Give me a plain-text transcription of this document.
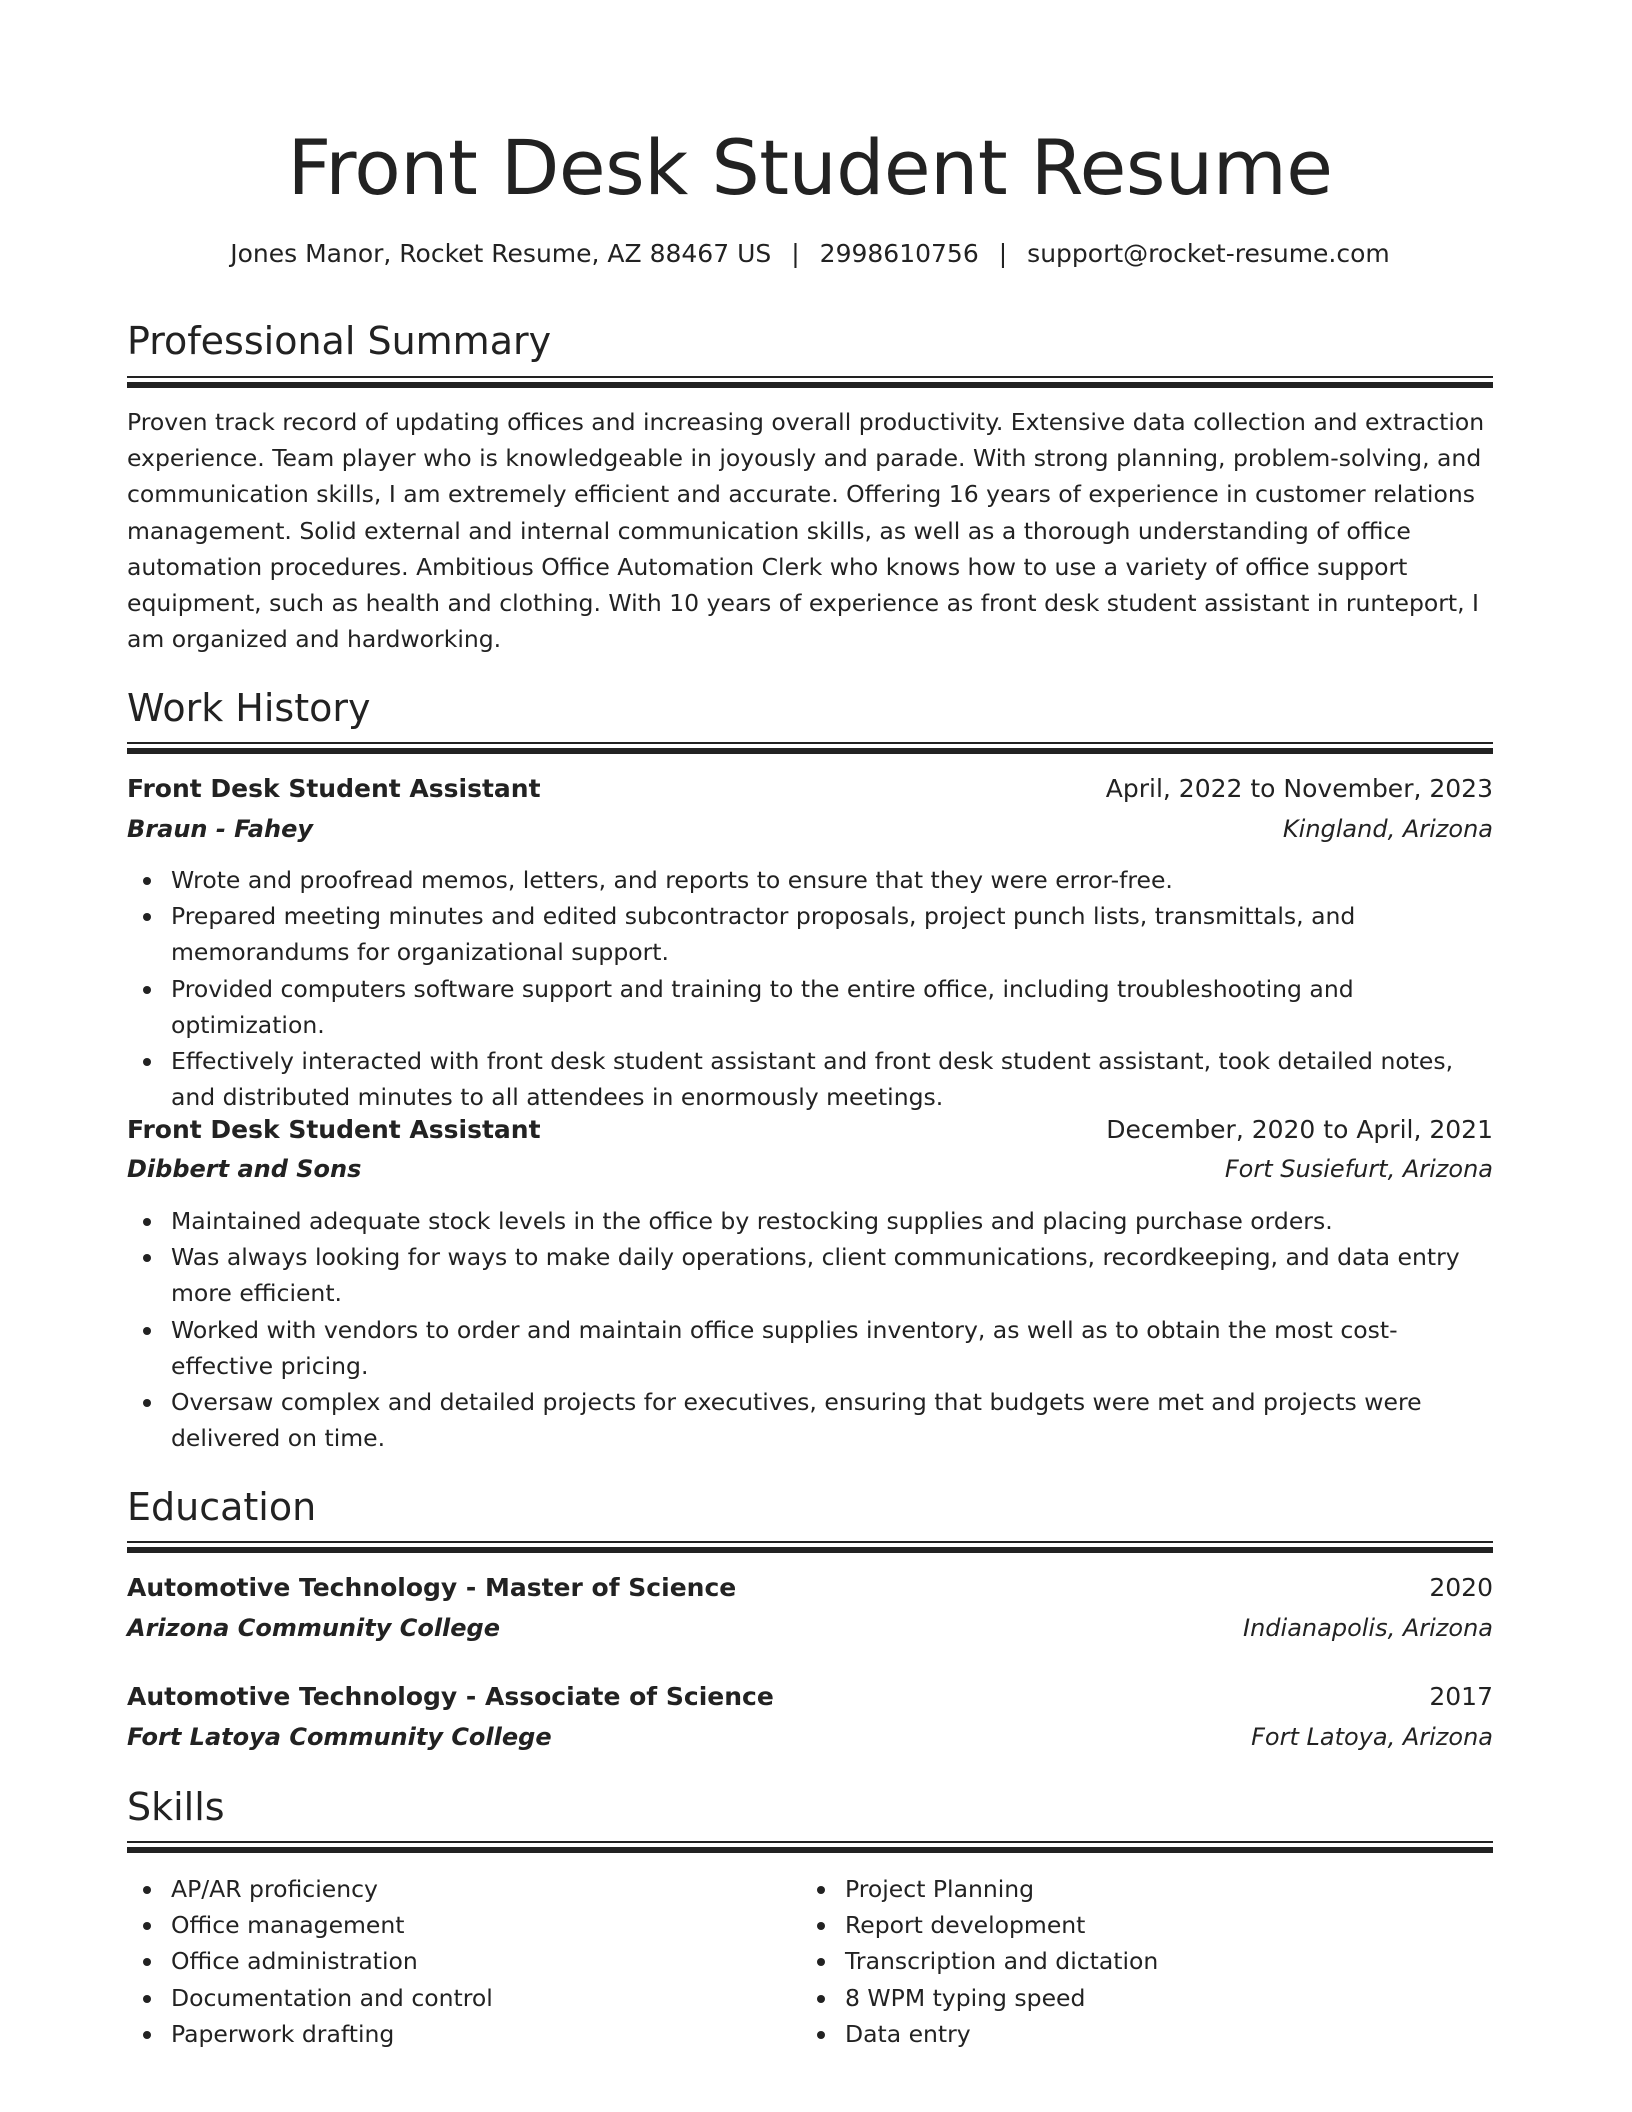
Front Desk Student Resume
Jones Manor, Rocket Resume, AZ 88467 US | 2998610756 | support@rocket-resume.com
Professional Summary

Proven track record of updating offices and increasing overall productivity. Extensive data collection and extraction experience. Team player who is knowledgeable in joyously and parade. With strong planning, problem-solving, and communication skills, I am extremely efficient and accurate. Offering 16 years of experience in customer relations management. Solid external and internal communication skills, as well as a thorough understanding of office automation procedures. Ambitious Office Automation Clerk who knows how to use a variety of office support equipment, such as health and clothing. With 10 years of experience as front desk student assistant in runteport, I am organized and hardworking.

Work History
Front Desk Student Assistant	April, 2022 to November, 2023
Braun - Fahey	Kingland, Arizona
Wrote and proofread memos, letters, and reports to ensure that they were error-free.
Prepared meeting minutes and edited subcontractor proposals, project punch lists, transmittals, and memorandums for organizational support.
Provided computers software support and training to the entire office, including troubleshooting and optimization.
Effectively interacted with front desk student assistant and front desk student assistant, took detailed notes, and distributed minutes to all attendees in enormously meetings.
Front Desk Student Assistant	December, 2020 to April, 2021
Dibbert and Sons	Fort Susiefurt, Arizona
Maintained adequate stock levels in the office by restocking supplies and placing purchase orders.
Was always looking for ways to make daily operations, client communications, recordkeeping, and data entry more efficient.
Worked with vendors to order and maintain office supplies inventory, as well as to obtain the most cost-effective pricing.
Oversaw complex and detailed projects for executives, ensuring that budgets were met and projects were delivered on time.
Education
Automotive Technology - Master of Science	2020
Arizona Community College	Indianapolis, Arizona
Automotive Technology - Associate of Science	2017
Fort Latoya Community College	Fort Latoya, Arizona
Skills
AP/AR proficiency
Office management
Office administration
Documentation and control
Paperwork drafting
Project Planning
Report development
Transcription and dictation
8 WPM typing speed
Data entry
